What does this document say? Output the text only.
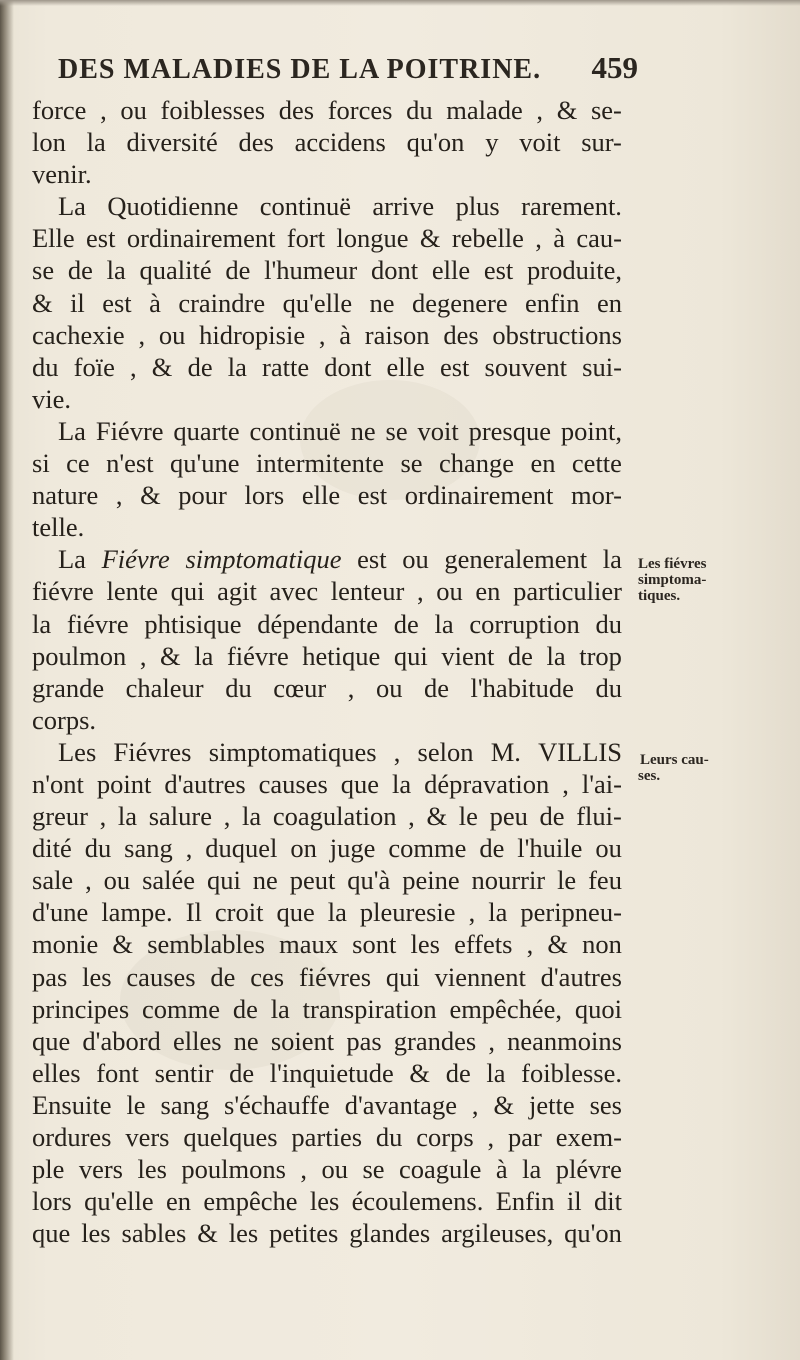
DES MALADIES DE LA POITRINE. 459
force , ou foiblesses des forces du malade , & se-
lon la diversité des accidens qu'on y voit sur-
venir.
La Quotidienne continuë arrive plus rarement.
Elle est ordinairement fort longue & rebelle , à cau-
se de la qualité de l'humeur dont elle est produite,
& il est à craindre qu'elle ne degenere enfin en
cachexie , ou hidropisie , à raison des obstructions
du foïe , & de la ratte dont elle est souvent sui-
vie.
La Fiévre quarte continuë ne se voit presque point,
si ce n'est qu'une intermitente se change en cette
nature , & pour lors elle est ordinairement mor-
telle.
La Fiévre simptomatique est ou generalement la
fiévre lente qui agit avec lenteur , ou en particulier
la fiévre phtisique dépendante de la corruption du
poulmon , & la fiévre hetique qui vient de la trop
grande chaleur du cœur , ou de l'habitude du
corps.
Les Fiévres simptomatiques , selon M. VILLIS
n'ont point d'autres causes que la dépravation , l'ai-
greur , la salure , la coagulation , & le peu de flui-
dité du sang , duquel on juge comme de l'huile ou
sale , ou salée qui ne peut qu'à peine nourrir le feu
d'une lampe. Il croit que la pleuresie , la peripneu-
monie & semblables maux sont les effets , & non
pas les causes de ces fiévres qui viennent d'autres
principes comme de la transpiration empêchée, quoi
que d'abord elles ne soient pas grandes , neanmoins
elles font sentir de l'inquietude & de la foiblesse.
Ensuite le sang s'échauffe d'avantage , & jette ses
ordures vers quelques parties du corps , par exem-
ple vers les poulmons , ou se coagule à la plévre
lors qu'elle en empêche les écoulemens. Enfin il dit
que les sables & les petites glandes argileuses, qu'on
Les fiévres
simptoma-
tiques.
Leurs cau-
ses.
